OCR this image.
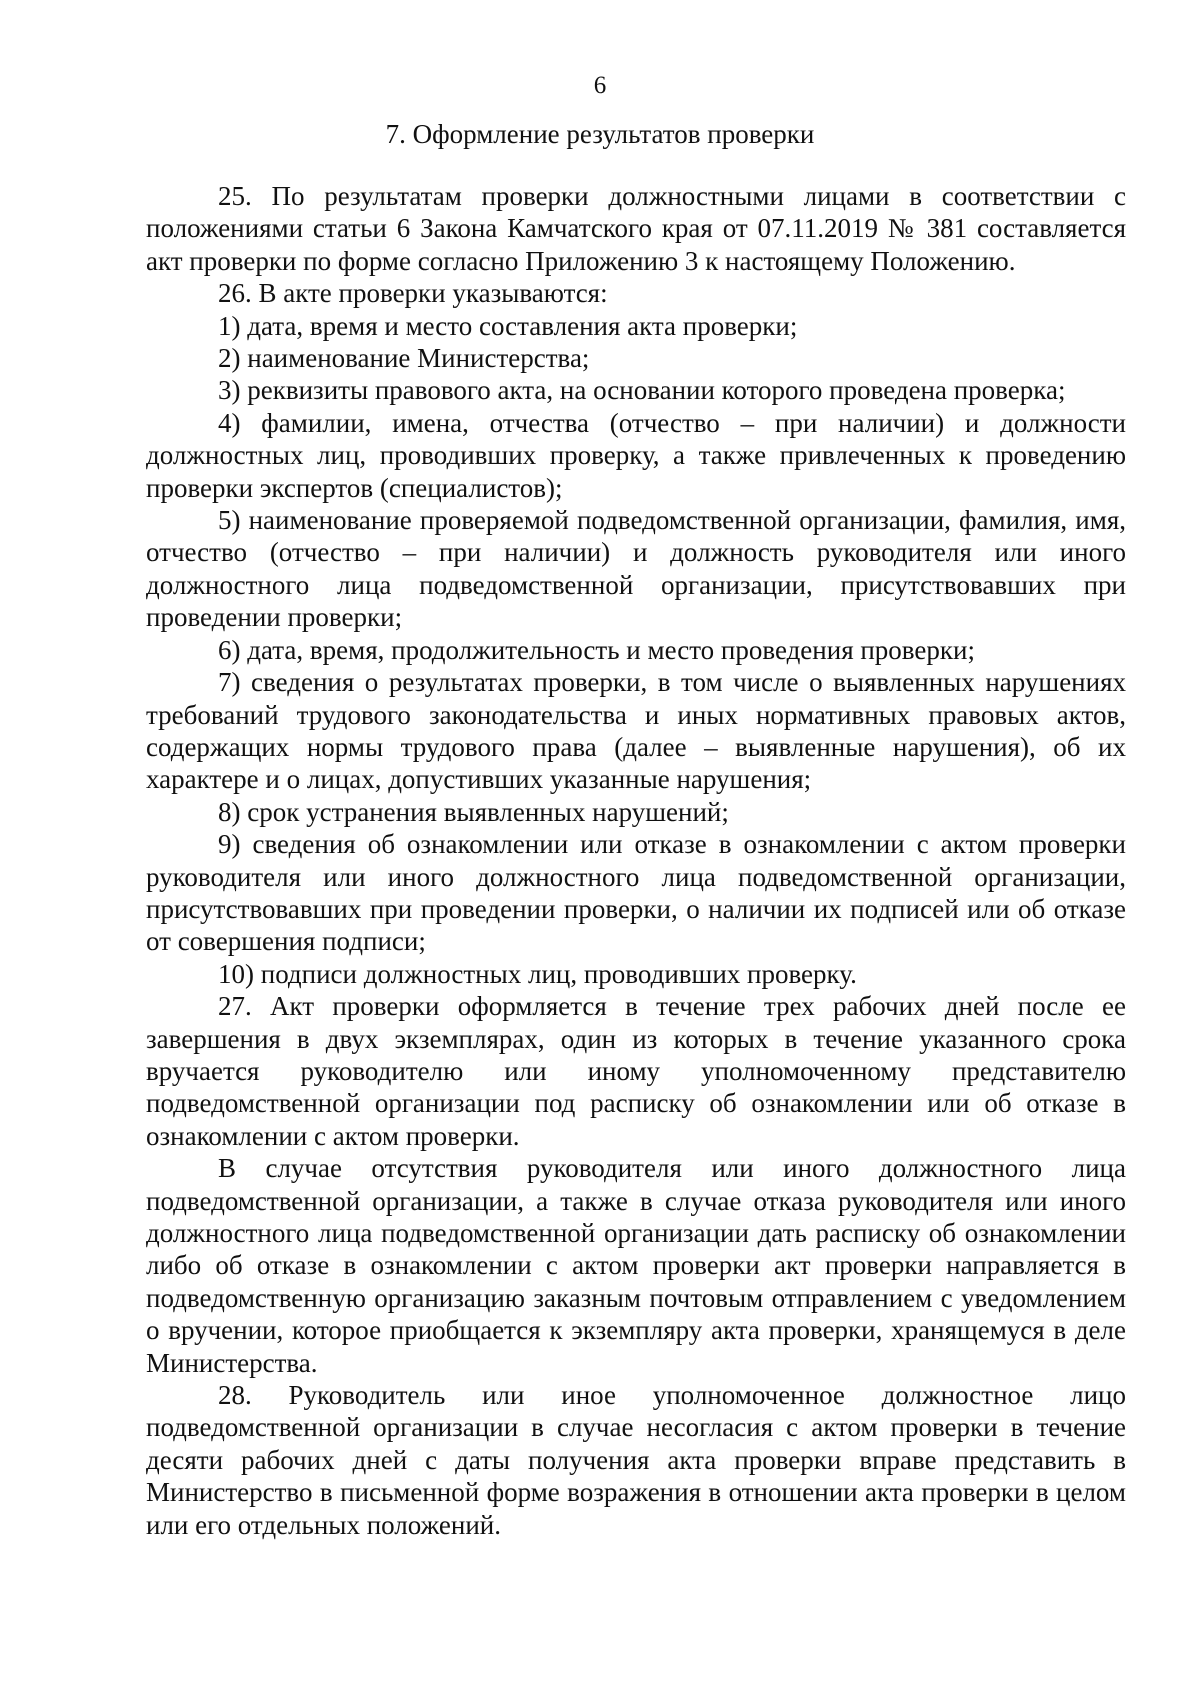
6
7. Оформление результатов проверки

25. По результатам проверки должностными лицами в соответствии с положениями статьи 6 Закона Камчатского края от 07.11.2019 № 381 составляется акт проверки по форме согласно Приложению 3 к настоящему Положению.

26. В акте проверки указываются:

1) дата, время и место составления акта проверки;

2) наименование Министерства;

3) реквизиты правового акта, на основании которого проведена проверка;

4) фамилии, имена, отчества (отчество – при наличии) и должности должностных лиц, проводивших проверку, а также привлеченных к проведению проверки экспертов (специалистов);

5) наименование проверяемой подведомственной организации, фамилия, имя, отчество (отчество – при наличии) и должность руководителя или иного должностного лица подведомственной организации, присутствовавших при проведении проверки;

6) дата, время, продолжительность и место проведения проверки;

7) сведения о результатах проверки, в том числе о выявленных нарушениях требований трудового законодательства и иных нормативных правовых актов, содержащих нормы трудового права (далее – выявленные нарушения), об их характере и о лицах, допустивших указанные нарушения;

8) срок устранения выявленных нарушений;

9) сведения об ознакомлении или отказе в ознакомлении с актом проверки руководителя или иного должностного лица подведомственной организации, присутствовавших при проведении проверки, о наличии их подписей или об отказе от совершения подписи;

10) подписи должностных лиц, проводивших проверку.

27. Акт проверки оформляется в течение трех рабочих дней после ее завершения в двух экземплярах, один из которых в течение указанного срока вручается руководителю или иному уполномоченному представителю подведомственной организации под расписку об ознакомлении или об отказе в ознакомлении с актом проверки.

В случае отсутствия руководителя или иного должностного лица подведомственной организации, а также в случае отказа руководителя или иного должностного лица подведомственной организации дать расписку об ознакомлении либо об отказе в ознакомлении с актом проверки акт проверки направляется в подведомственную организацию заказным почтовым отправлением с уведомлением о вручении, которое приобщается к экземпляру акта проверки, хранящемуся в деле Министерства.

28. Руководитель или иное уполномоченное должностное лицо подведомственной организации в случае несогласия с актом проверки в течение десяти рабочих дней с даты получения акта проверки вправе представить в Министерство в письменной форме возражения в отношении акта проверки в целом или его отдельных положений.
